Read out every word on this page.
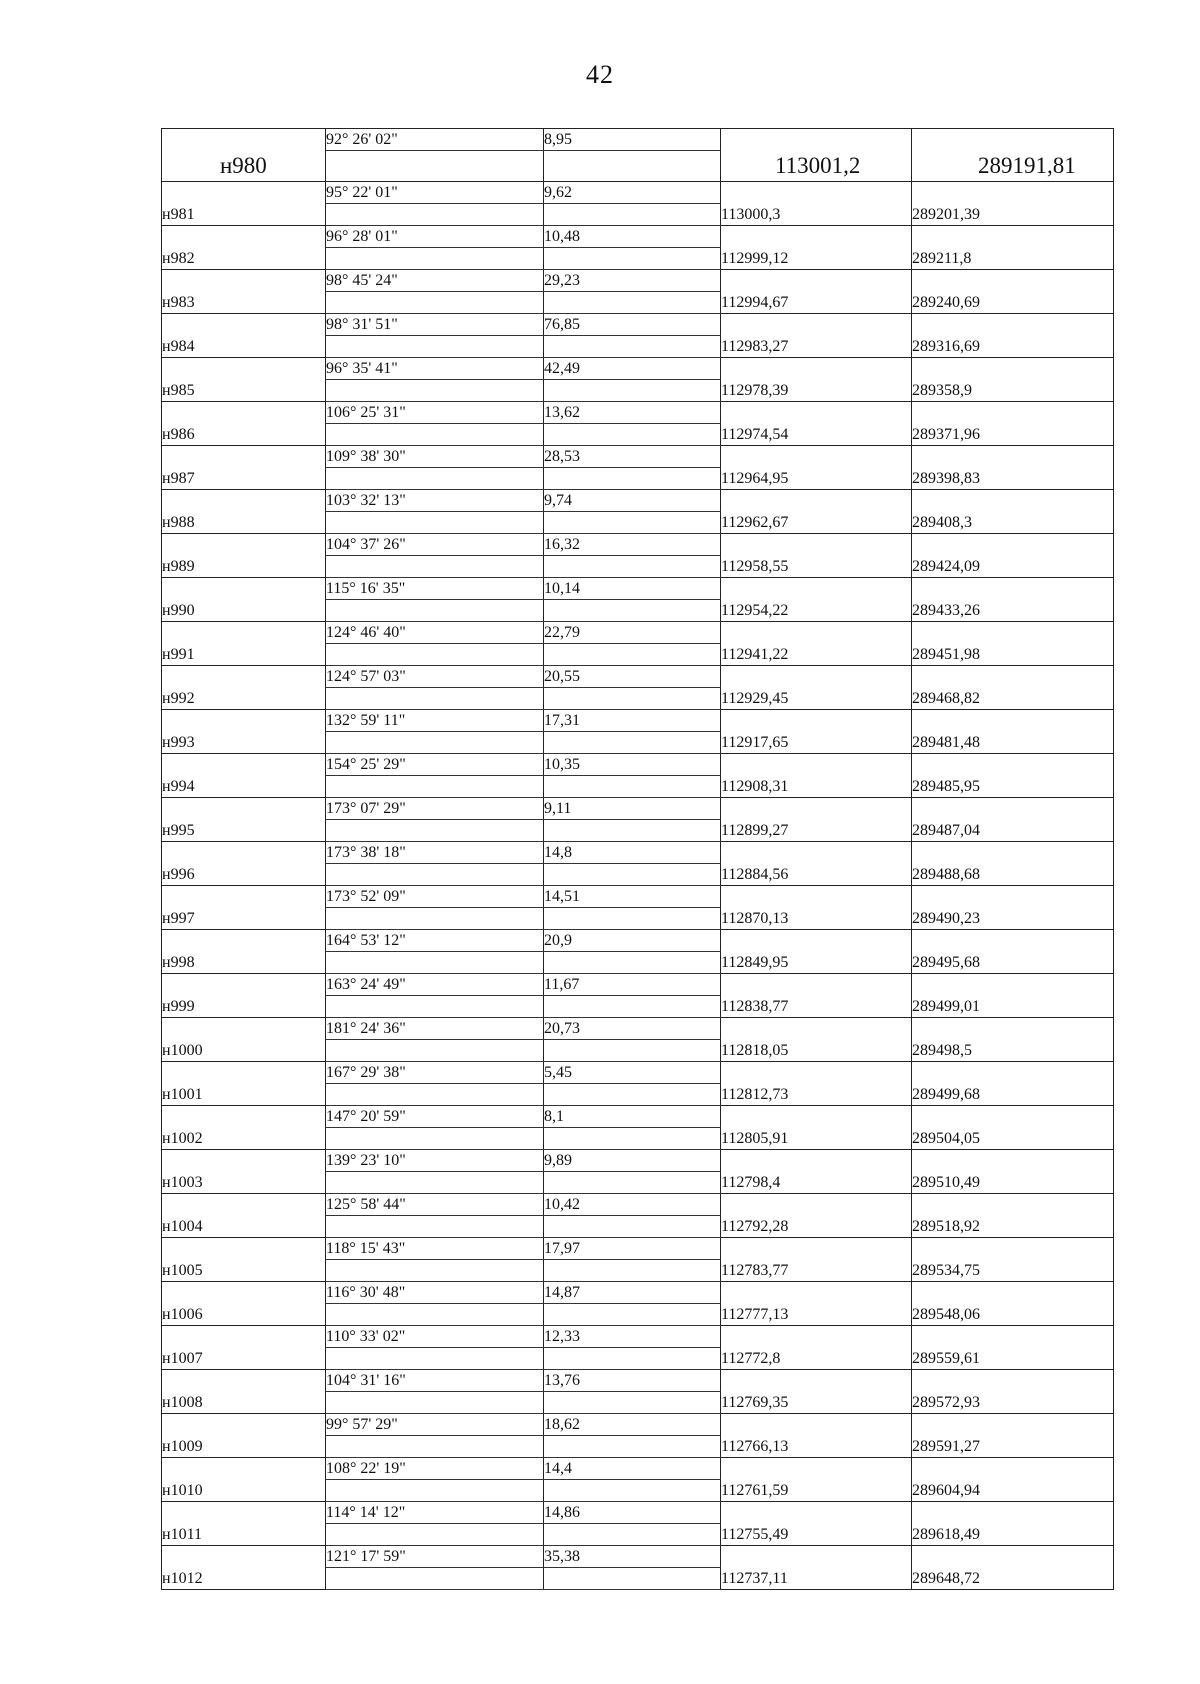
42
	92° 26' 02"	8,95		
н980			113001,2	289191,81
	95° 22' 01"	9,62		
н981			113000,3	289201,39
	96° 28' 01"	10,48		
н982			112999,12	289211,8
	98° 45' 24"	29,23		
н983			112994,67	289240,69
	98° 31' 51"	76,85		
н984			112983,27	289316,69
	96° 35' 41"	42,49		
н985			112978,39	289358,9
	106° 25' 31"	13,62		
н986			112974,54	289371,96
	109° 38' 30"	28,53		
н987			112964,95	289398,83
	103° 32' 13"	9,74		
н988			112962,67	289408,3
	104° 37' 26"	16,32		
н989			112958,55	289424,09
	115° 16' 35"	10,14		
н990			112954,22	289433,26
	124° 46' 40"	22,79		
н991			112941,22	289451,98
	124° 57' 03"	20,55		
н992			112929,45	289468,82
	132° 59' 11"	17,31		
н993			112917,65	289481,48
	154° 25' 29"	10,35		
н994			112908,31	289485,95
	173° 07' 29"	9,11		
н995			112899,27	289487,04
	173° 38' 18"	14,8		
н996			112884,56	289488,68
	173° 52' 09"	14,51		
н997			112870,13	289490,23
	164° 53' 12"	20,9		
н998			112849,95	289495,68
	163° 24' 49"	11,67		
н999			112838,77	289499,01
	181° 24' 36"	20,73		
н1000			112818,05	289498,5
	167° 29' 38"	5,45		
н1001			112812,73	289499,68
	147° 20' 59"	8,1		
н1002			112805,91	289504,05
	139° 23' 10"	9,89		
н1003			112798,4	289510,49
	125° 58' 44"	10,42		
н1004			112792,28	289518,92
	118° 15' 43"	17,97		
н1005			112783,77	289534,75
	116° 30' 48"	14,87		
н1006			112777,13	289548,06
	110° 33' 02"	12,33		
н1007			112772,8	289559,61
	104° 31' 16"	13,76		
н1008			112769,35	289572,93
	99° 57' 29"	18,62		
н1009			112766,13	289591,27
	108° 22' 19"	14,4		
н1010			112761,59	289604,94
	114° 14' 12"	14,86		
н1011			112755,49	289618,49
	121° 17' 59"	35,38		
н1012			112737,11	289648,72
